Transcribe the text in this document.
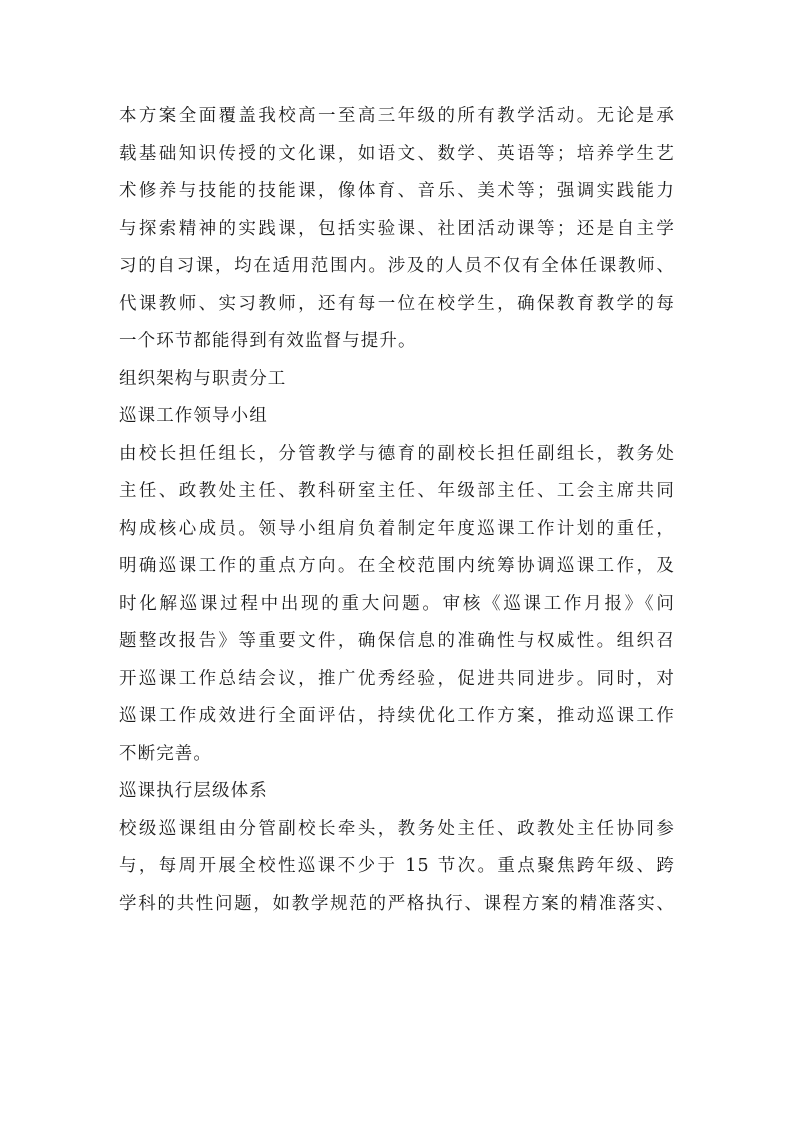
本方案全面覆盖我校高一至高三年级的所有教学活动。无论是承
载基础知识传授的文化课，如语文、数学、英语等；培养学生艺
术修养与技能的技能课，像体育、音乐、美术等；强调实践能力
与探索精神的实践课，包括实验课、社团活动课等；还是自主学
习的自习课，均在适用范围内。涉及的人员不仅有全体任课教师、
代课教师、实习教师，还有每一位在校学生，确保教育教学的每
一个环节都能得到有效监督与提升。

组织架构与职责分工

巡课工作领导小组

由校长担任组长，分管教学与德育的副校长担任副组长，教务处
主任、政教处主任、教科研室主任、年级部主任、工会主席共同
构成核心成员。领导小组肩负着制定年度巡课工作计划的重任，
明确巡课工作的重点方向。在全校范围内统筹协调巡课工作，及
时化解巡课过程中出现的重大问题。审核《巡课工作月报》《问
题整改报告》等重要文件，确保信息的准确性与权威性。组织召
开巡课工作总结会议，推广优秀经验，促进共同进步。同时，对
巡课工作成效进行全面评估，持续优化工作方案，推动巡课工作
不断完善。

巡课执行层级体系

校级巡课组由分管副校长牵头，教务处主任、政教处主任协同参
与，每周开展全校性巡课不少于 15 节次。重点聚焦跨年级、跨
学科的共性问题，如教学规范的严格执行、课程方案的精准落实、
